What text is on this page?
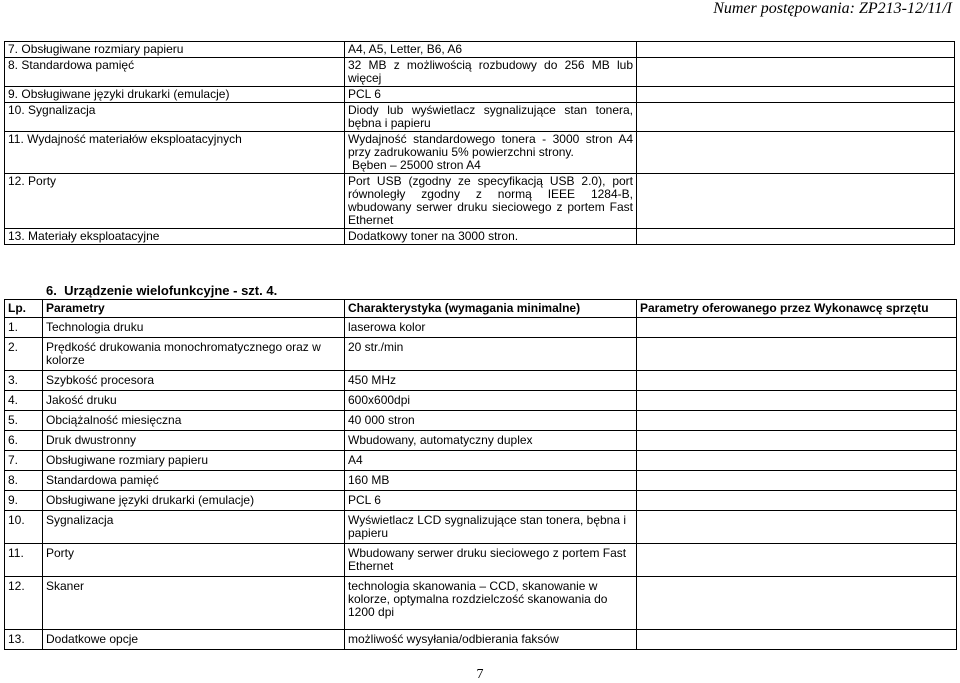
Numer postępowania: ZP213-12/11/I
7. Obsługiwane rozmiary papieru	A4, A5, Letter, B6, A6	
8. Standardowa pamięć	32 MB z możliwością rozbudowy do 256 MB lub więcej	
9. Obsługiwane języki drukarki (emulacje)	PCL 6	
10. Sygnalizacja	Diody lub wyświetlacz sygnalizujące stan tonera, bębna i papieru	
11. Wydajność materiałów eksploatacyjnych	Wydajność standardowego tonera - 3000 stron A4 przy zadrukowaniu 5% powierzchni strony.
Bęben – 25000 stron A4	

12. Porty	Port USB (zgodny ze specyfikacją USB 2.0), port równoległy zgodny z normą IEEE 1284-B, wbudowany serwer druku sieciowego z portem Fast Ethernet	
13. Materiały eksploatacyjne	Dodatkowy toner na 3000 stron.	
6. Urządzenie wielofunkcyjne - szt. 4.
Lp.	Parametry	Charakterystyka (wymagania minimalne)	Parametry oferowanego przez Wykonawcę sprzętu
1.	Technologia druku	laserowa kolor	
2.	Prędkość drukowania monochromatycznego oraz w kolorze	20 str./min	
3.	Szybkość procesora	450 MHz	
4.	Jakość druku	600x600dpi	
5.	Obciążalność miesięczna	40 000 stron	
6.	Druk dwustronny	Wbudowany, automatyczny duplex	
7.	Obsługiwane rozmiary papieru	A4	
8.	Standardowa pamięć	160 MB	
9.	Obsługiwane języki drukarki (emulacje)	PCL 6	
10.	Sygnalizacja	Wyświetlacz LCD sygnalizujące stan tonera, bębna i papieru	
11.	Porty	Wbudowany serwer druku sieciowego z portem Fast Ethernet	
12.	Skaner	technologia skanowania – CCD, skanowanie w kolorze, optymalna rozdzielczość skanowania do 1200 dpi	
13.	Dodatkowe opcje	możliwość wysyłania/odbierania faksów	
7
